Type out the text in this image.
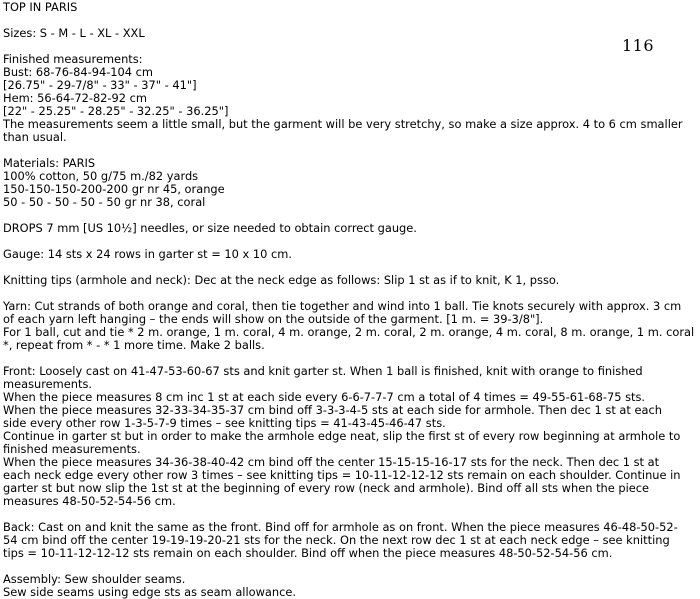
116
TOP IN PARIS
Sizes: S - M - L - XL - XXL
Finished measurements:
Bust: 68-76-84-94-104 cm
[26.75" - 29-7/8" - 33" - 37" - 41"]
Hem: 56-64-72-82-92 cm
[22" - 25.25" - 28.25" - 32.25" - 36.25"]
The measurements seem a little small, but the garment will be very stretchy, so make a size approx. 4 to 6 cm smaller
than usual.
Materials: PARIS
100% cotton, 50 g/75 m./82 yards
150-150-150-200-200 gr nr 45, orange
50 - 50 - 50 - 50 - 50 gr nr 38, coral
DROPS 7 mm [US 10½] needles, or size needed to obtain correct gauge.
Gauge: 14 sts x 24 rows in garter st = 10 x 10 cm.
Knitting tips (armhole and neck): Dec at the neck edge as follows: Slip 1 st as if to knit, K 1, psso.
Yarn: Cut strands of both orange and coral, then tie together and wind into 1 ball. Tie knots securely with approx. 3 cm
of each yarn left hanging – the ends will show on the outside of the garment. [1 m. = 39-3/8"].
For 1 ball, cut and tie * 2 m. orange, 1 m. coral, 4 m. orange, 2 m. coral, 2 m. orange, 4 m. coral, 8 m. orange, 1 m. coral
*, repeat from * - * 1 more time. Make 2 balls.
Front: Loosely cast on 41-47-53-60-67 sts and knit garter st. When 1 ball is finished, knit with orange to finished
measurements.
When the piece measures 8 cm inc 1 st at each side every 6-6-7-7-7 cm a total of 4 times = 49-55-61-68-75 sts.
When the piece measures 32-33-34-35-37 cm bind off 3-3-3-4-5 sts at each side for armhole. Then dec 1 st at each
side every other row 1-3-5-7-9 times – see knitting tips = 41-43-45-46-47 sts.
Continue in garter st but in order to make the armhole edge neat, slip the first st of every row beginning at armhole to
finished measurements.
When the piece measures 34-36-38-40-42 cm bind off the center 15-15-15-16-17 sts for the neck. Then dec 1 st at
each neck edge every other row 3 times – see knitting tips = 10-11-12-12-12 sts remain on each shoulder. Continue in
garter st but now slip the 1st st at the beginning of every row (neck and armhole). Bind off all sts when the piece
measures 48-50-52-54-56 cm.
Back: Cast on and knit the same as the front. Bind off for armhole as on front. When the piece measures 46-48-50-52-
54 cm bind off the center 19-19-19-20-21 sts for the neck. On the next row dec 1 st at each neck edge – see knitting
tips = 10-11-12-12-12 sts remain on each shoulder. Bind off when the piece measures 48-50-52-54-56 cm.
Assembly: Sew shoulder seams.
Sew side seams using edge sts as seam allowance.
